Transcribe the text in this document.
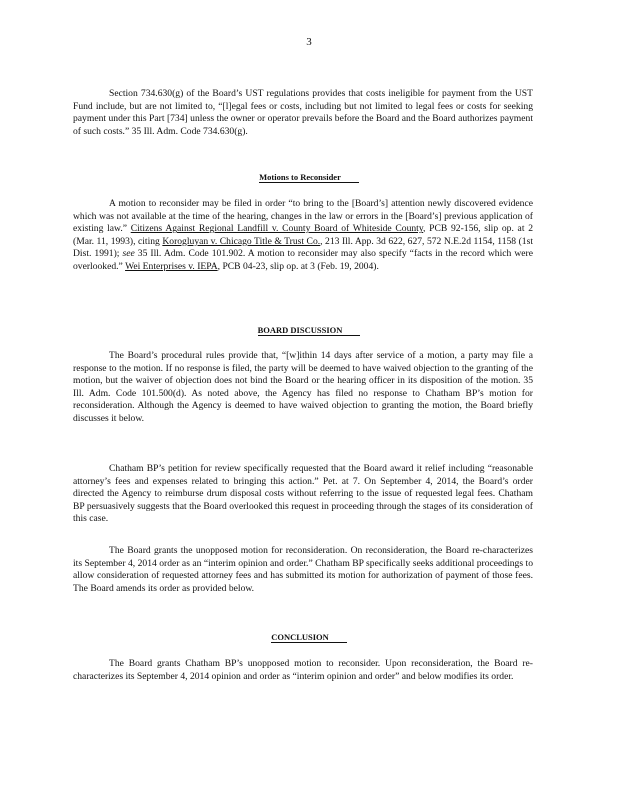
3
Section 734.630(g) of the Board’s UST regulations provides that costs ineligible for payment from the UST Fund include, but are not limited to, “[l]egal fees or costs, including but not limited to legal fees or costs for seeking payment under this Part [734] unless the owner or operator prevails before the Board and the Board authorizes payment of such costs.” 35 Ill. Adm. Code 734.630(g).
Motions to Reconsider
A motion to reconsider may be filed in order “to bring to the [Board’s] attention newly discovered evidence which was not available at the time of the hearing, changes in the law or errors in the [Board’s] previous application of existing law.” Citizens Against Regional Landfill v. County Board of Whiteside County, PCB 92-156, slip op. at 2 (Mar. 11, 1993), citing Korogluyan v. Chicago Title & Trust Co., 213 Ill. App. 3d 622, 627, 572 N.E.2d 1154, 1158 (1st Dist. 1991); see 35 Ill. Adm. Code 101.902. A motion to reconsider may also specify “facts in the record which were overlooked.” Wei Enterprises v. IEPA, PCB 04-23, slip op. at 3 (Feb. 19, 2004).
BOARD DISCUSSION
The Board’s procedural rules provide that, “[w]ithin 14 days after service of a motion, a party may file a response to the motion. If no response is filed, the party will be deemed to have waived objection to the granting of the motion, but the waiver of objection does not bind the Board or the hearing officer in its disposition of the motion. 35 Ill. Adm. Code 101.500(d). As noted above, the Agency has filed no response to Chatham BP’s motion for reconsideration. Although the Agency is deemed to have waived objection to granting the motion, the Board briefly discusses it below.
Chatham BP’s petition for review specifically requested that the Board award it relief including “reasonable attorney’s fees and expenses related to bringing this action.” Pet. at 7. On September 4, 2014, the Board’s order directed the Agency to reimburse drum disposal costs without referring to the issue of requested legal fees. Chatham BP persuasively suggests that the Board overlooked this request in proceeding through the stages of its consideration of this case.
The Board grants the unopposed motion for reconsideration. On reconsideration, the Board re-characterizes its September 4, 2014 order as an “interim opinion and order.” Chatham BP specifically seeks additional proceedings to allow consideration of requested attorney fees and has submitted its motion for authorization of payment of those fees. The Board amends its order as provided below.
CONCLUSION
The Board grants Chatham BP’s unopposed motion to reconsider. Upon reconsideration, the Board re-characterizes its September 4, 2014 opinion and order as “interim opinion and order” and below modifies its order.
